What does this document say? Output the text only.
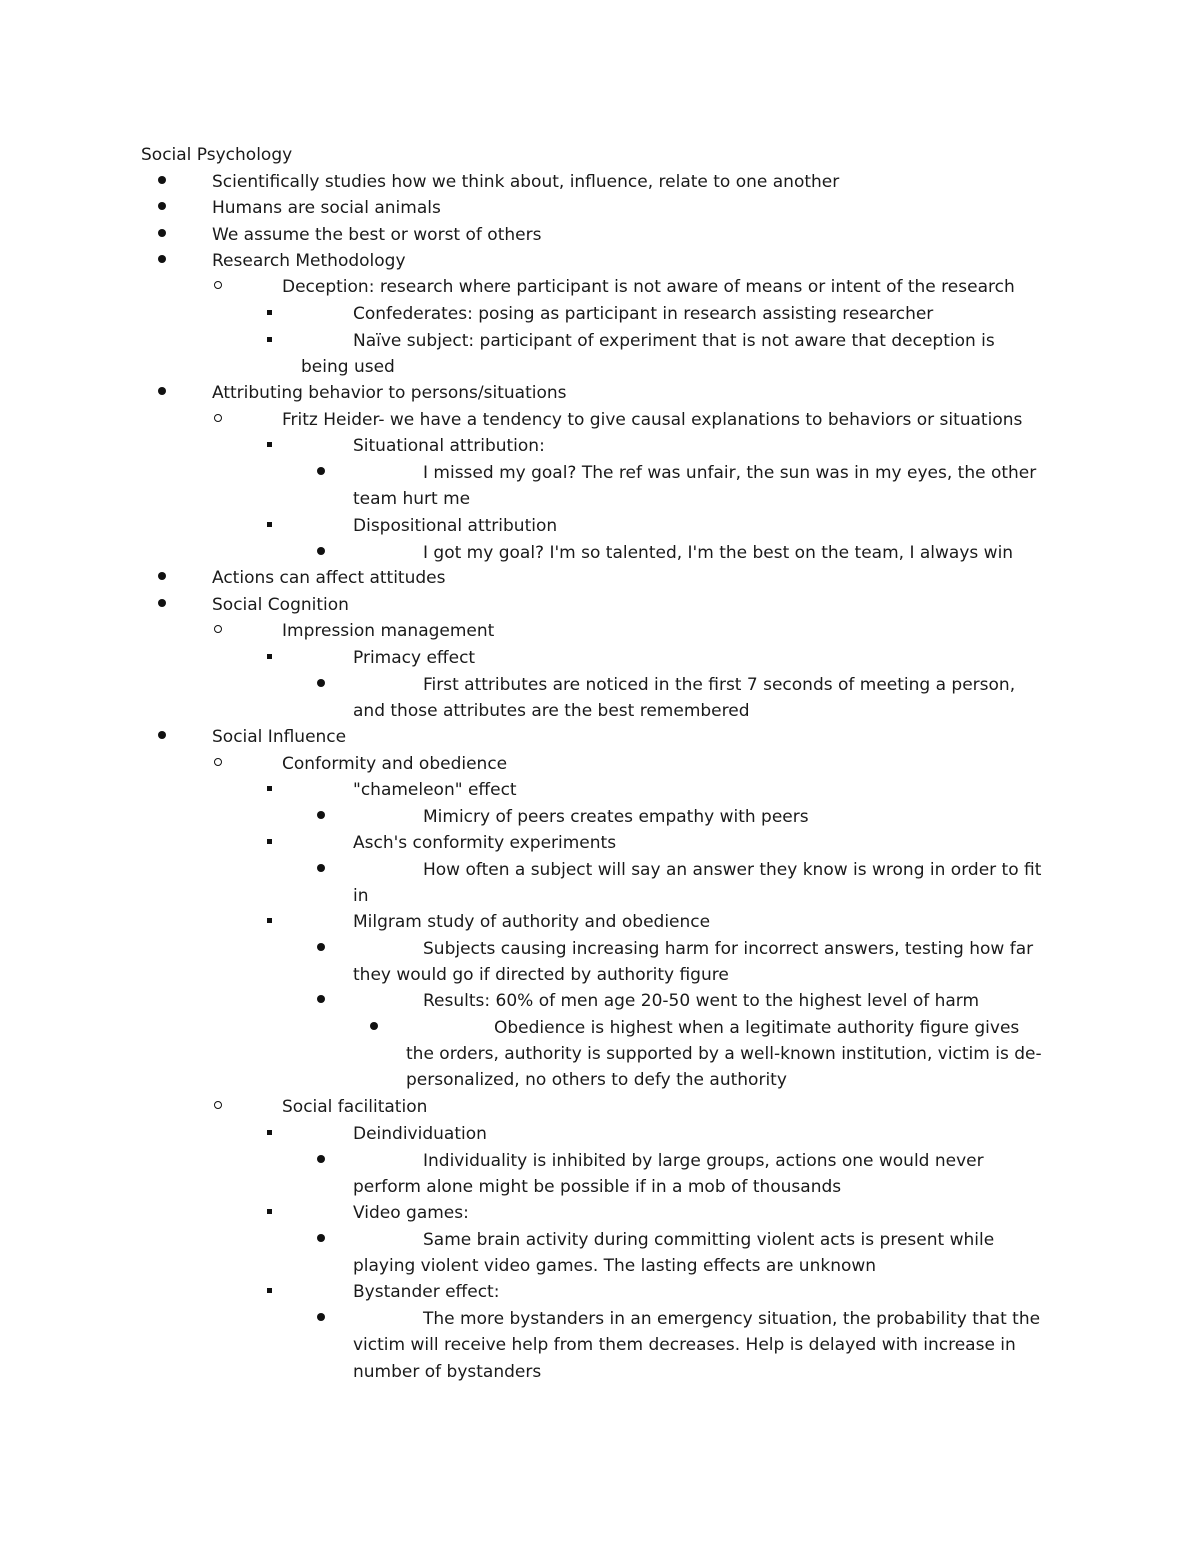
Social Psychology
Scientifically studies how we think about, influence, relate to one another
Humans are social animals
We assume the best or worst of others
Research Methodology
Deception: research where participant is not aware of means or intent of the research
Confederates: posing as participant in research assisting researcher
Naïve subject: participant of experiment that is not aware that deception is
being used
Attributing behavior to persons/situations
Fritz Heider- we have a tendency to give causal explanations to behaviors or situations
Situational attribution:
I missed my goal? The ref was unfair, the sun was in my eyes, the other
team hurt me
Dispositional attribution
I got my goal? I'm so talented, I'm the best on the team, I always win
Actions can affect attitudes
Social Cognition
Impression management
Primacy effect
First attributes are noticed in the first 7 seconds of meeting a person,
and those attributes are the best remembered
Social Influence
Conformity and obedience
"chameleon" effect
Mimicry of peers creates empathy with peers
Asch's conformity experiments
How often a subject will say an answer they know is wrong in order to fit
in
Milgram study of authority and obedience
Subjects causing increasing harm for incorrect answers, testing how far
they would go if directed by authority figure
Results: 60% of men age 20-50 went to the highest level of harm
Obedience is highest when a legitimate authority figure gives
the orders, authority is supported by a well-known institution, victim is de-
personalized, no others to defy the authority
Social facilitation
Deindividuation
Individuality is inhibited by large groups, actions one would never
perform alone might be possible if in a mob of thousands
Video games:
Same brain activity during committing violent acts is present while
playing violent video games. The lasting effects are unknown
Bystander effect:
The more bystanders in an emergency situation, the probability that the
victim will receive help from them decreases. Help is delayed with increase in
number of bystanders
